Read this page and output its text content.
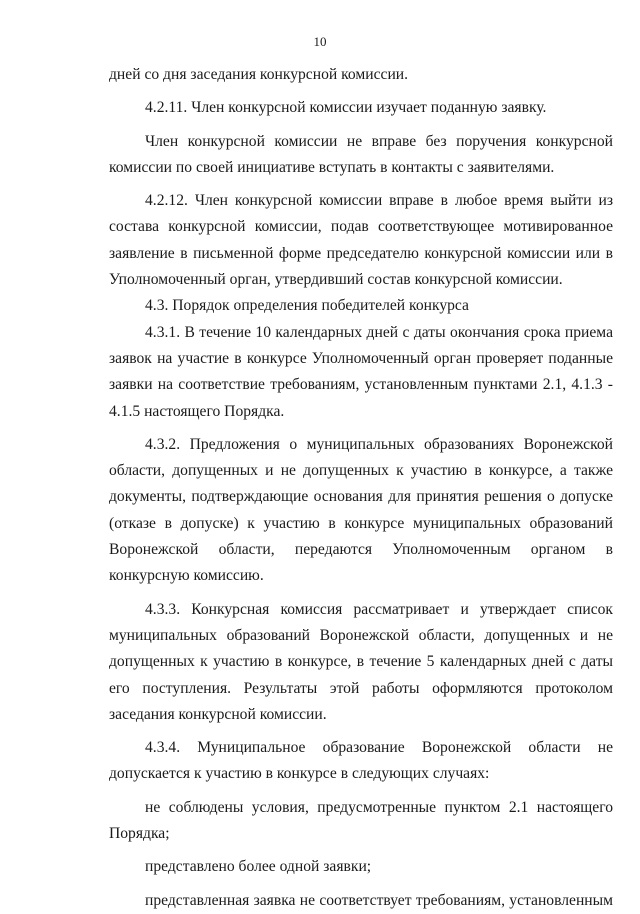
10

дней со дня заседания конкурсной комиссии.

4.2.11. Член конкурсной комиссии изучает поданную заявку.

Член конкурсной комиссии не вправе без поручения конкурсной комиссии по своей инициативе вступать в контакты с заявителями.

4.2.12. Член конкурсной комиссии вправе в любое время выйти из состава конкурсной комиссии, подав соответствующее мотивированное заявление в письменной форме председателю конкурсной комиссии или в Уполномоченный орган, утвердивший состав конкурсной комиссии.

4.3. Порядок определения победителей конкурса

4.3.1. В течение 10 календарных дней с даты окончания срока приема заявок на участие в конкурсе Уполномоченный орган проверяет поданные заявки на соответствие требованиям, установленным пунктами 2.1, 4.1.3 - 4.1.5 настоящего Порядка.

4.3.2. Предложения о муниципальных образованиях Воронежской области, допущенных и не допущенных к участию в конкурсе, а также документы, подтверждающие основания для принятия решения о допуске (отказе в допуске) к участию в конкурсе муниципальных образований Воронежской области, передаются Уполномоченным органом в конкурсную комиссию.

4.3.3. Конкурсная комиссия рассматривает и утверждает список муниципальных образований Воронежской области, допущенных и не допущенных к участию в конкурсе, в течение 5 календарных дней с даты его поступления. Результаты этой работы оформляются протоколом заседания конкурсной комиссии.

4.3.4. Муниципальное образование Воронежской области не допускается к участию в конкурсе в следующих случаях:

не соблюдены условия, предусмотренные пунктом 2.1 настоящего Порядка;

представлено более одной заявки;

представленная заявка не соответствует требованиям, установленным
